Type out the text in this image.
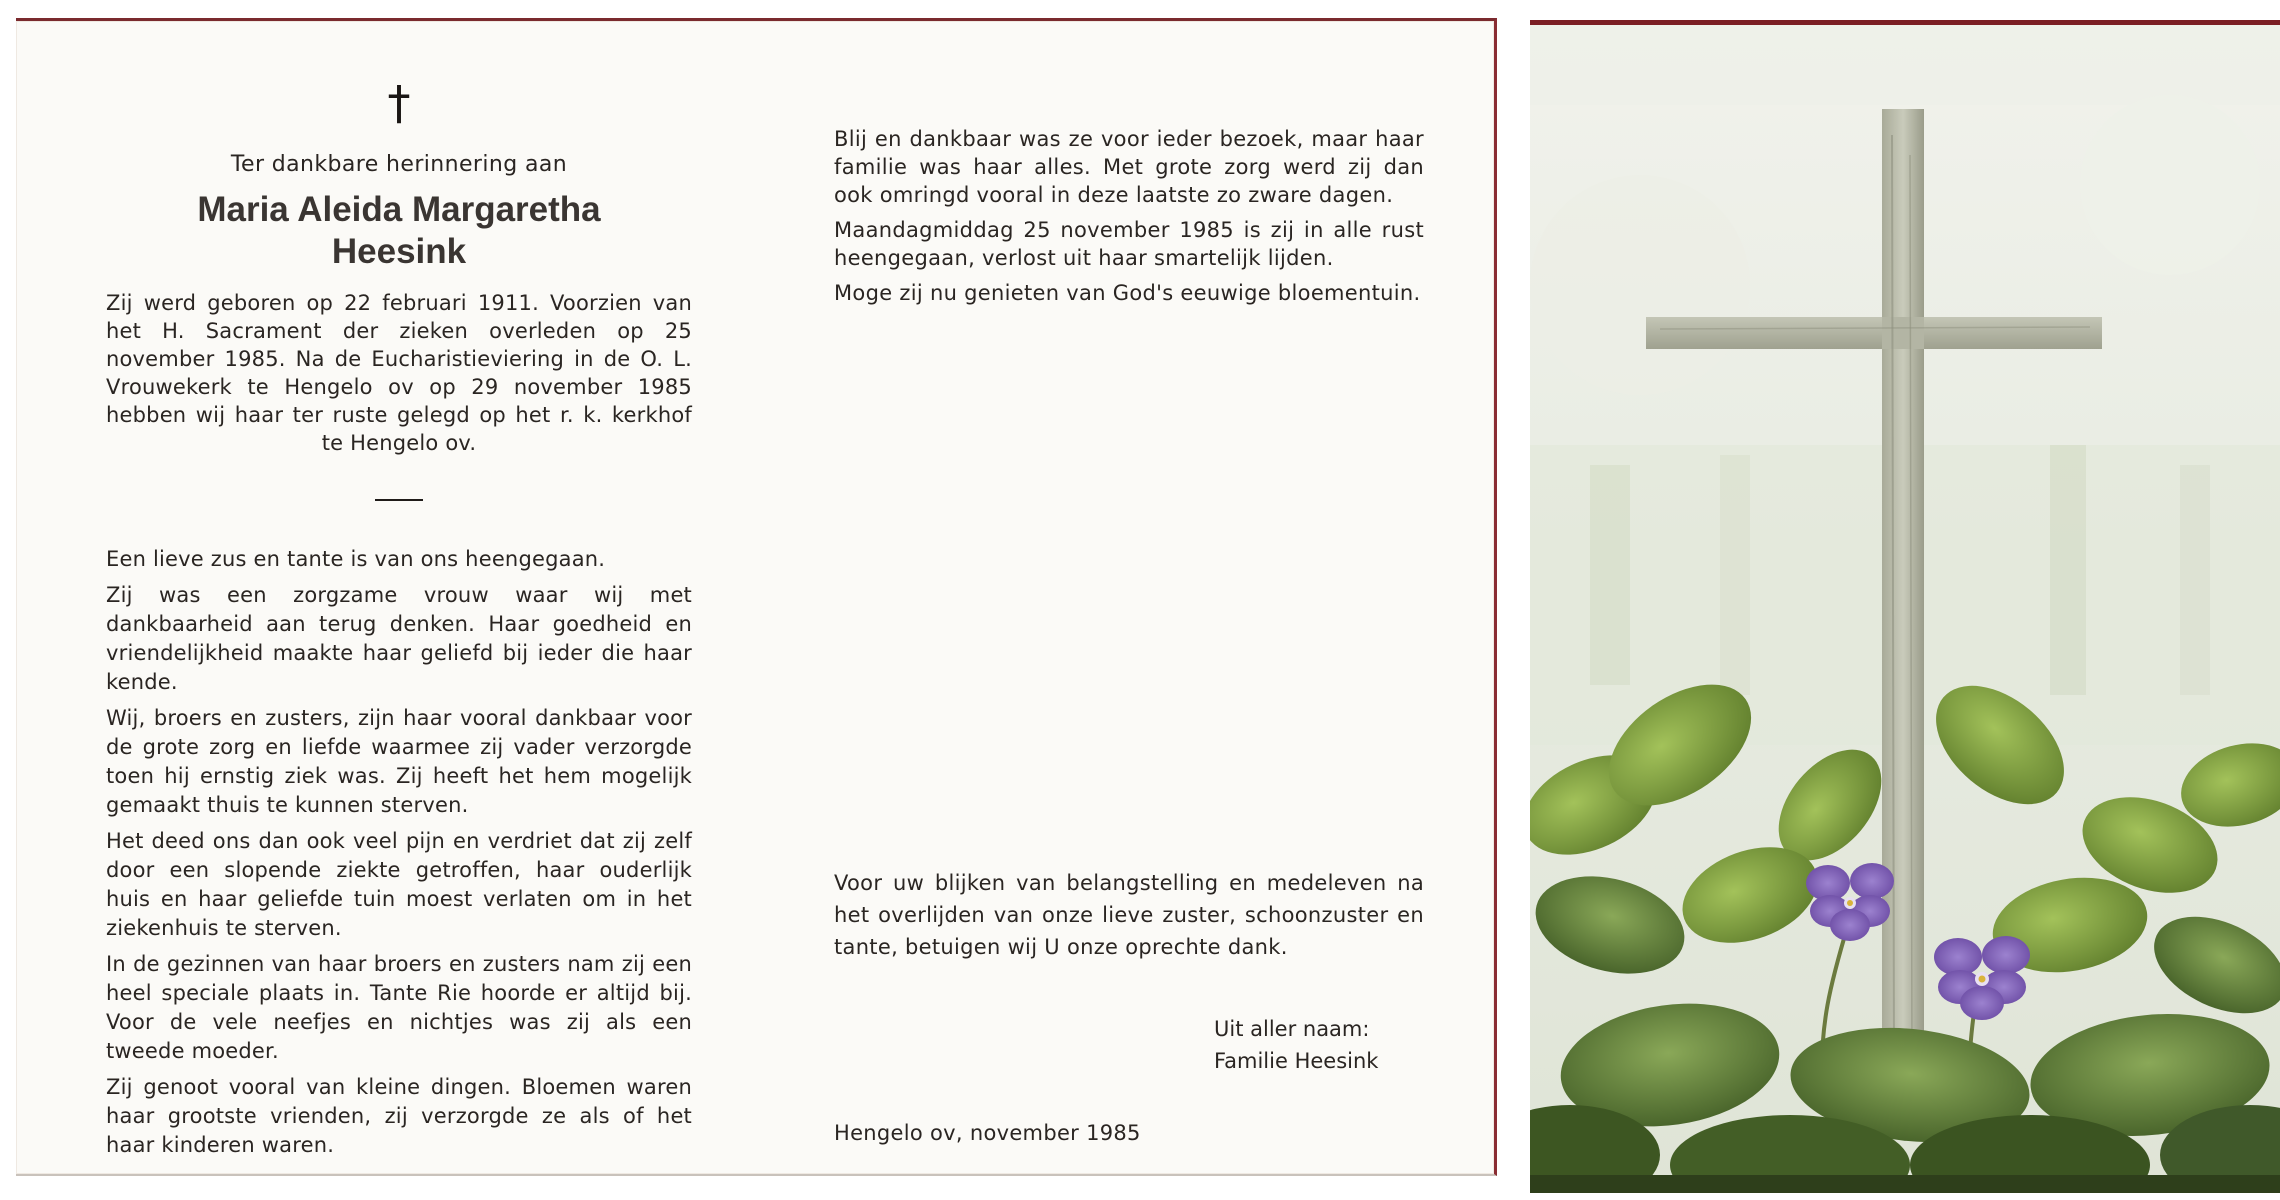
†
Ter dankbare herinnering aan
Maria Aleida Margaretha
Heesink
Zij werd geboren op 22 februari 1911. Voorzien van het H. Sacrament der zieken overleden op 25 november 1985. Na de Eucharistieviering in de O. L. Vrouwekerk te Hengelo ov op 29 november 1985 hebben wij haar ter ruste gelegd op het r. k. kerkhof te Hengelo ov.

Een lieve zus en tante is van ons heengegaan.

Zij was een zorgzame vrouw waar wij met dankbaarheid aan terug denken. Haar goedheid en vriendelijkheid maakte haar geliefd bij ieder die haar kende.

Wij, broers en zusters, zijn haar vooral dankbaar voor de grote zorg en liefde waarmee zij vader verzorgde toen hij ernstig ziek was. Zij heeft het hem mogelijk gemaakt thuis te kunnen sterven.

Het deed ons dan ook veel pijn en verdriet dat zij zelf door een slopende ziekte getroffen, haar ouderlijk huis en haar geliefde tuin moest verlaten om in het ziekenhuis te sterven.

In de gezinnen van haar broers en zusters nam zij een heel speciale plaats in. Tante Rie hoorde er altijd bij. Voor de vele neefjes en nichtjes was zij als een tweede moeder.

Zij genoot vooral van kleine dingen. Bloemen waren haar grootste vrienden, zij verzorgde ze als of het haar kinderen waren.

Blij en dankbaar was ze voor ieder bezoek, maar haar familie was haar alles. Met grote zorg werd zij dan ook omringd vooral in deze laatste zo zware dagen.

Maandagmiddag 25 november 1985 is zij in alle rust heengegaan, verlost uit haar smartelijk lijden.

Moge zij nu genieten van God's eeuwige bloementuin.

Voor uw blijken van belangstelling en medeleven na het overlijden van onze lieve zuster, schoonzuster en tante, betuigen wij U onze oprechte dank.
Uit aller naam:
Familie Heesink
Hengelo ov, november 1985
